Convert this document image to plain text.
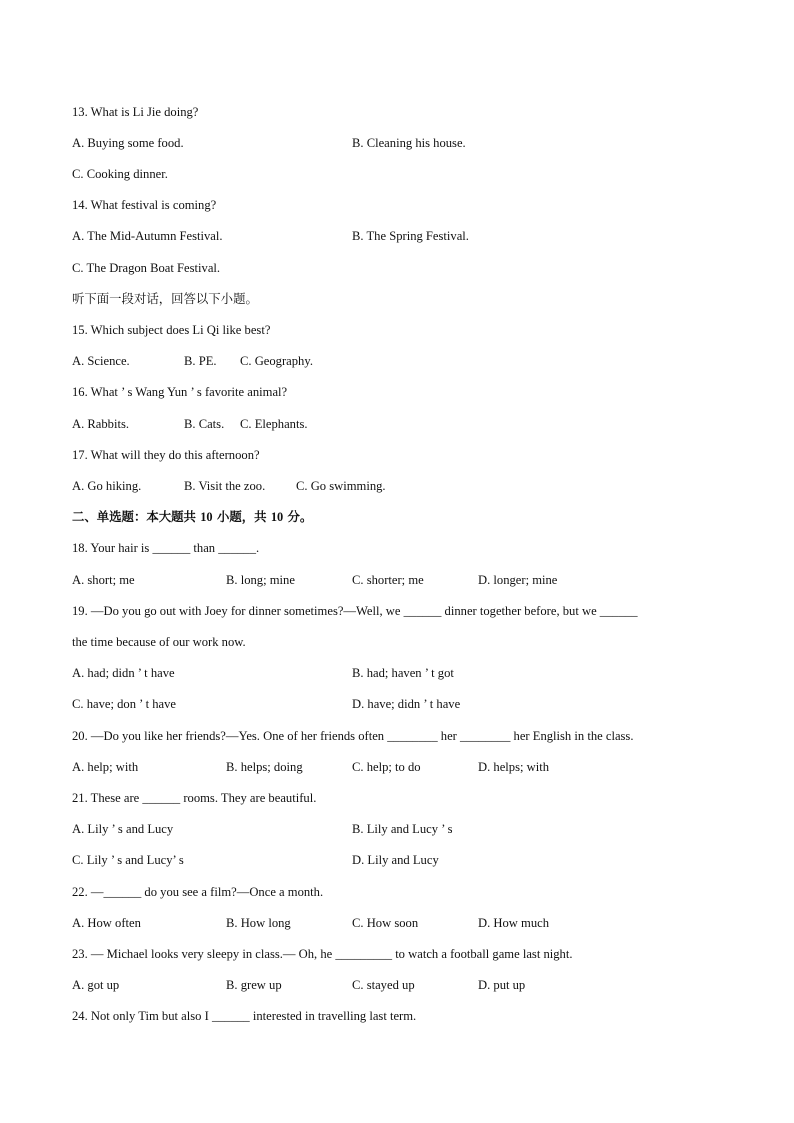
13. What is Li Jie doing?
A. Buying some food.	B. Cleaning his house.
C. Cooking dinner.
14. What festival is coming?
A. The Mid-Autumn Festival.	B. The Spring Festival.
C. The Dragon Boat Festival.
听下面一段对话，回答以下小题。
15. Which subject does Li Qi like best?
A. Science.	B. PE. C. Geography.
16. What ’ s Wang Yun ’ s favorite animal?
A. Rabbits.	B. Cats. C. Elephants.
17. What will they do this afternoon?
A. Go hiking.	B. Visit the zoo. C. Go swimming.
二、单选题：本大题共 10 小题，共 10 分。
18. Your hair is ______ than ______.
A. short; me	B. long; mine	C. shorter; me	D. longer; mine
19. —Do you go out with Joey for dinner sometimes?—Well, we ______ dinner together before, but we ______
the time because of our work now.
A. had; didn ’ t have	B. had; haven ’ t got
C. have; don ’ t have	D. have; didn ’ t have
20. —Do you like her friends?—Yes. One of her friends often ________ her ________ her English in the class.
A. help; with	B. helps; doing	C. help; to do	D. helps; with
21. These are ______ rooms. They are beautiful.
A. Lily ’ s and Lucy	B. Lily and Lucy ’ s
C. Lily ’ s and Lucy’ s	D. Lily and Lucy
22. —______ do you see a film?—Once a month.
A. How often	B. How long	C. How soon	D. How much
23. — Michael looks very sleepy in class.— Oh, he _________ to watch a football game last night.
A. got up	B. grew up	C. stayed up	D. put up
24. Not only Tim but also I ______ interested in travelling last term.
